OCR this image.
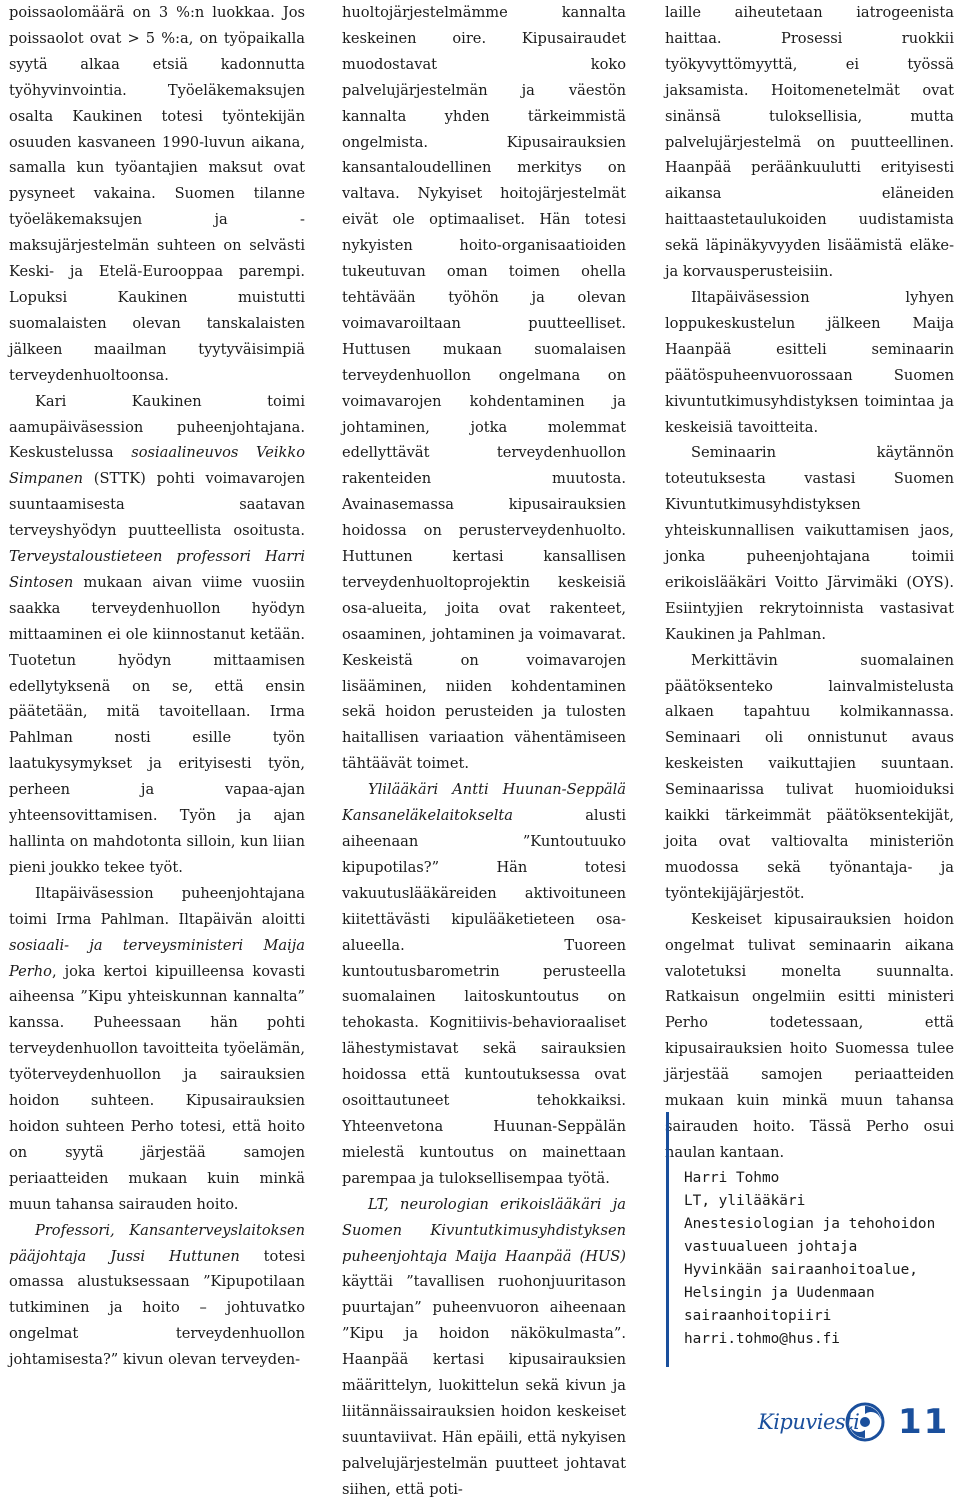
poissaolomäärä on 3 %:n luokkaa. Jos poissaolot ovat > 5 %:a, on työpaikalla syytä alkaa etsiä kadonnutta työhyvinvointia. Työeläkemaksujen osalta Kaukinen totesi työntekijän osuuden kasvaneen 1990-luvun aikana, samalla kun työantajien maksut ovat pysyneet vakaina. Suomen tilanne työeläkemaksujen ja -maksujärjestelmän suhteen on selvästi Keski- ja Etelä-Eurooppaa parempi. Lopuksi Kaukinen muistutti suomalaisten olevan tanskalaisten jälkeen maailman tyytyväisimpiä terveydenhuoltoonsa.

Kari Kaukinen toimi aamupäiväsession puheenjohtajana. Keskustelussa sosiaalineuvos Veikko Simpanen (STTK) pohti voimavarojen suuntaamisesta saatavan terveyshyödyn puutteellista osoitusta. Terveystaloustieteen professori Harri Sintosen mukaan aivan viime vuosiin saakka terveydenhuollon hyödyn mittaaminen ei ole kiinnostanut ketään. Tuotetun hyödyn mittaamisen edellytyksenä on se, että ensin päätetään, mitä tavoitellaan. Irma Pahlman nosti esille työn laatukysymykset ja erityisesti työn, perheen ja vapaa-ajan yhteensovittamisen. Työn ja ajan hallinta on mahdotonta silloin, kun liian pieni joukko tekee työt.

Iltapäiväsession puheenjohtajana toimi Irma Pahlman. Iltapäivän aloitti sosiaali- ja terveysministeri Maija Perho, joka kertoi kipuilleensa kovasti aiheensa ”Kipu yhteiskunnan kannalta” kanssa. Puheessaan hän pohti terveydenhuollon tavoitteita työelämän, työterveydenhuollon ja sairauksien hoidon suhteen. Kipusairauksien hoidon suhteen Perho totesi, että hoito on syytä järjestää samojen periaatteiden mukaan kuin minkä muun tahansa sairauden hoito.

Professori, Kansanterveyslaitoksen pääjohtaja Jussi Huttunen totesi omassa alustuksessaan ”Kipupotilaan tutkiminen ja hoito – johtuvatko ongelmat terveydenhuollon johtamisesta?” kivun olevan terveyden-

huoltojärjestelmämme kannalta keskeinen oire. Kipusairaudet muodostavat koko palvelujärjestelmän ja väestön kannalta yhden tärkeimmistä ongelmista. Kipusairauksien kansantaloudellinen merkitys on valtava. Nykyiset hoitojärjestelmät eivät ole optimaaliset. Hän totesi nykyisten hoito-organisaatioiden tukeutuvan oman toimen ohella tehtävään työhön ja olevan voimavaroiltaan puutteelliset. Huttusen mukaan suomalaisen terveydenhuollon ongelmana on voimavarojen kohdentaminen ja johtaminen, jotka molemmat edellyttävät terveydenhuollon rakenteiden muutosta. Avainasemassa kipusairauksien hoidossa on perusterveydenhuolto. Huttunen kertasi kansallisen terveydenhuoltoprojektin keskeisiä osa-alueita, joita ovat rakenteet, osaaminen, johtaminen ja voimavarat. Keskeistä on voimavarojen lisääminen, niiden kohdentaminen sekä hoidon perusteiden ja tulosten haitallisen variaation vähentämiseen tähtäävät toimet.

Ylilääkäri Antti Huunan-Seppälä Kansaneläkelaitokselta alusti aiheenaan ”Kuntoutuuko kipupotilas?” Hän totesi vakuutuslääkäreiden aktivoituneen kiitettävästi kipulääketieteen osa-alueella. Tuoreen kuntoutusbarometrin perusteella suomalainen laitoskuntoutus on tehokasta. Kognitiivis-behavioraaliset lähestymistavat sekä sairauksien hoidossa että kuntoutuksessa ovat osoittautuneet tehokkaiksi. Yhteenvetona Huunan-Seppälän mielestä kuntoutus on mainettaan parempaa ja tuloksellisempaa työtä.

LT, neurologian erikoislääkäri ja Suomen Kivuntutkimusyhdistyksen puheenjohtaja Maija Haanpää (HUS) käyttäi ”tavallisen ruohonjuuritason puurtajan” puheenvuoron aiheenaan ”Kipu ja hoidon näkökulmasta”. Haanpää kertasi kipusairauksien määrittelyn, luokittelun sekä kivun ja liitännäissairauksien hoidon keskeiset suuntaviivat. Hän epäili, että nykyisen palvelujärjestelmän puutteet johtavat siihen, että poti-

laille aiheutetaan iatrogeenista haittaa. Prosessi ruokkii työkyvyttömyyttä, ei työssä jaksamista. Hoitomenetelmät ovat sinänsä tuloksellisia, mutta palvelujärjestelmä on puutteellinen. Haanpää peräänkuulutti erityisesti aikansa eläneiden haittaastetaulukoiden uudistamista sekä läpinäkyvyyden lisäämistä eläke- ja korvausperusteisiin.

Iltapäiväsession lyhyen loppukeskustelun jälkeen Maija Haanpää esitteli seminaarin päätöspuheenvuorossaan Suomen kivuntutkimusyhdistyksen toimintaa ja keskeisiä tavoitteita.

Seminaarin käytännön toteutuksesta vastasi Suomen Kivuntutkimusyhdistyksen yhteiskunnallisen vaikuttamisen jaos, jonka puheenjohtajana toimii erikoislääkäri Voitto Järvimäki (OYS). Esiintyjien rekrytoinnista vastasivat Kaukinen ja Pahlman.

Merkittävin suomalainen päätöksenteko lainvalmistelusta alkaen tapahtuu kolmikannassa. Seminaari oli onnistunut avaus keskeisten vaikuttajien suuntaan. Seminaarissa tulivat huomioiduksi kaikki tärkeimmät päätöksentekijät, joita ovat valtiovalta ministeriön muodossa sekä työnantaja- ja työntekijäjärjestöt.

Keskeiset kipusairauksien hoidon ongelmat tulivat seminaarin aikana valotetuksi monelta suunnalta. Ratkaisun ongelmiin esitti ministeri Perho todetessaan, että kipusairauksien hoito Suomessa tulee järjestää samojen periaatteiden mukaan kuin minkä muun tahansa sairauden hoito. Tässä Perho osui naulan kantaan.

Harri Tohmo
LT, ylilääkäri
Anestesiologian ja tehohoidon
vastuualueen johtaja
Hyvinkään sairaanhoitoalue,
Helsingin ja Uudenmaan
sairaanhoitopiiri
harri.tohmo@hus.fi
Kipuviesti 11
